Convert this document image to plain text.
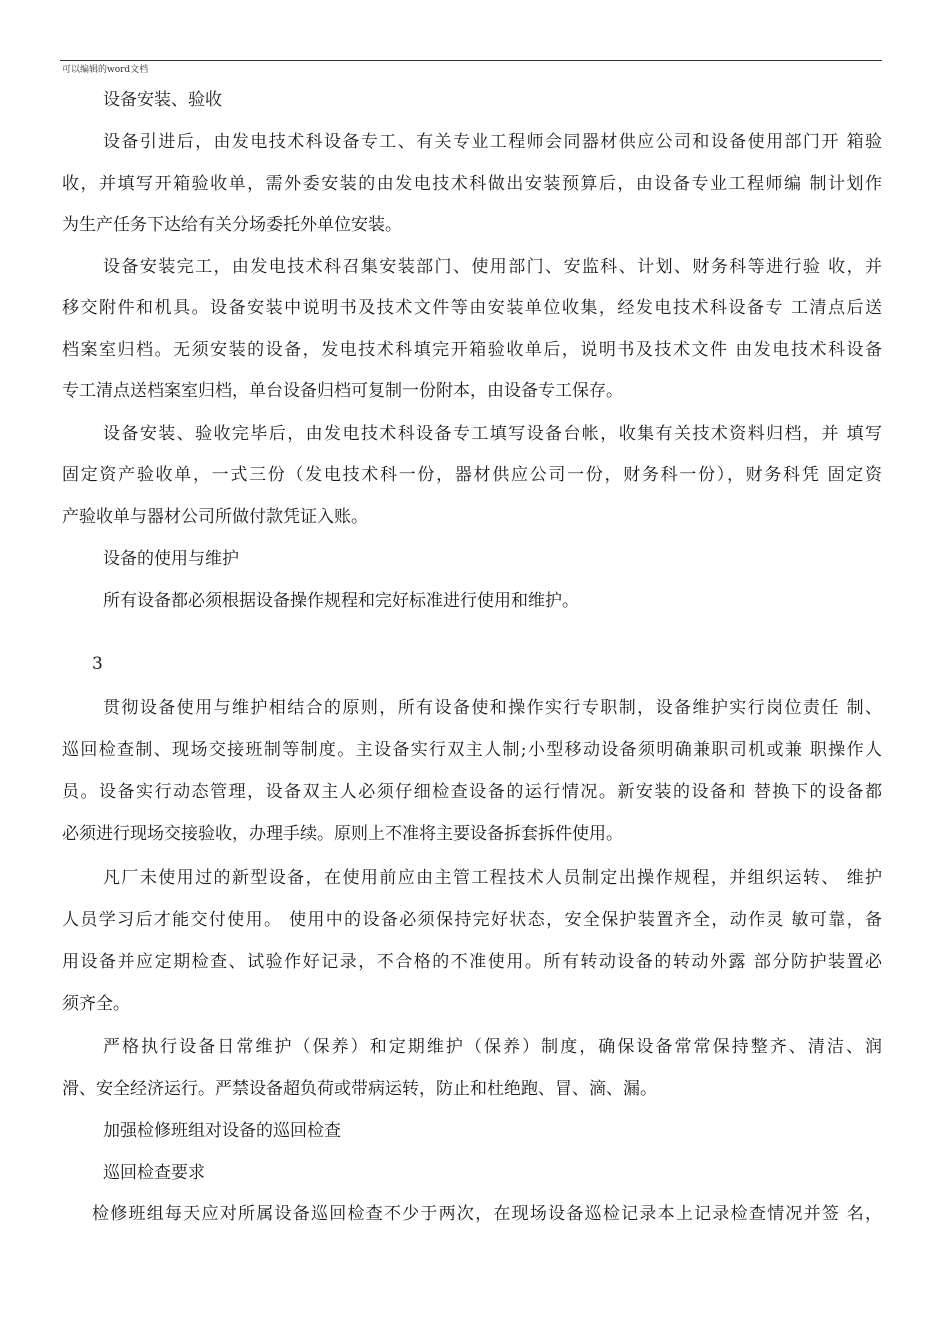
可以编辑的word文档
设备安装、验收
设备引进后，由发电技术科设备专工、有关专业工程师会同器材供应公司和设备使用部门开 箱验
收，并填写开箱验收单，需外委安装的由发电技术科做出安装预算后，由设备专业工程师编 制计划作
为生产任务下达给有关分场委托外单位安装。
设备安装完工，由发电技术科召集安装部门、使用部门、安监科、计划、财务科等进行验 收，并
移交附件和机具。设备安装中说明书及技术文件等由安装单位收集，经发电技术科设备专 工清点后送
档案室归档。无须安装的设备，发电技术科填完开箱验收单后，说明书及技术文件 由发电技术科设备
专工清点送档案室归档，单台设备归档可复制一份附本，由设备专工保存。
设备安装、验收完毕后，由发电技术科设备专工填写设备台帐，收集有关技术资料归档，并 填写
固定资产验收单，一式三份（发电技术科一份，器材供应公司一份，财务科一份），财务科凭 固定资
产验收单与器材公司所做付款凭证入账。
设备的使用与维护
所有设备都必须根据设备操作规程和完好标准进行使用和维护。
3
贯彻设备使用与维护相结合的原则，所有设备使和操作实行专职制，设备维护实行岗位责任 制、
巡回检查制、现场交接班制等制度。主设备实行双主人制;小型移动设备须明确兼职司机或兼 职操作人
员。设备实行动态管理，设备双主人必须仔细检查设备的运行情况。新安装的设备和 替换下的设备都
必须进行现场交接验收，办理手续。原则上不准将主要设备拆套拆件使用。
凡厂未使用过的新型设备，在使用前应由主管工程技术人员制定出操作规程，并组织运转、 维护
人员学习后才能交付使用。 使用中的设备必须保持完好状态，安全保护装置齐全，动作灵 敏可靠，备
用设备并应定期检查、试验作好记录，不合格的不准使用。所有转动设备的转动外露 部分防护装置必
须齐全。
严格执行设备日常维护（保养）和定期维护（保养）制度，确保设备常常保持整齐、清洁、润
滑、安全经济运行。严禁设备超负荷或带病运转，防止和杜绝跑、冒、滴、漏。
加强检修班组对设备的巡回检查
巡回检查要求
检修班组每天应对所属设备巡回检查不少于两次，在现场设备巡检记录本上记录检查情况并签 名，
